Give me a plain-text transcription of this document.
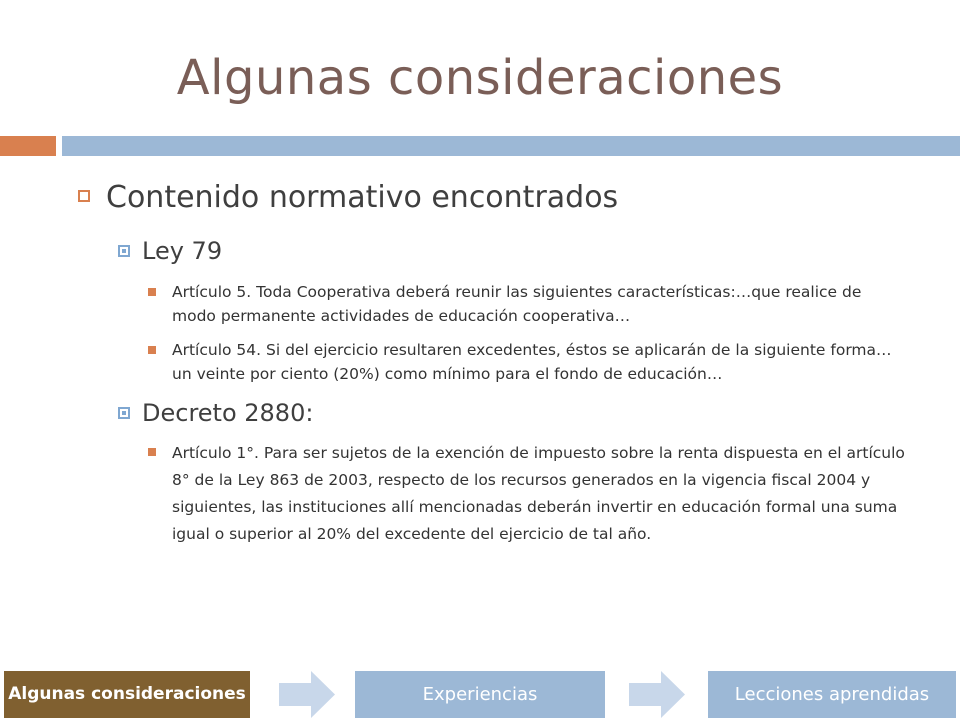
Algunas consideraciones
Contenido normativo encontrados
Ley 79
Artículo 5. Toda Cooperativa deberá reunir las siguientes características:…que realice de modo permanente actividades de educación cooperativa…
Artículo 54. Si del ejercicio resultaren excedentes, éstos se aplicarán de la siguiente forma…un veinte por ciento (20%) como mínimo para el fondo de educación…
Decreto 2880:
Artículo 1°. Para ser sujetos de la exención de impuesto sobre la renta dispuesta en el artículo 8° de la Ley 863 de 2003, respecto de los recursos generados en la vigencia fiscal 2004 y siguientes, las instituciones allí mencionadas deberán invertir en educación formal una suma igual o superior al 20% del excedente del ejercicio de tal año.
Algunas consideraciones	Experiencias	Lecciones aprendidas
